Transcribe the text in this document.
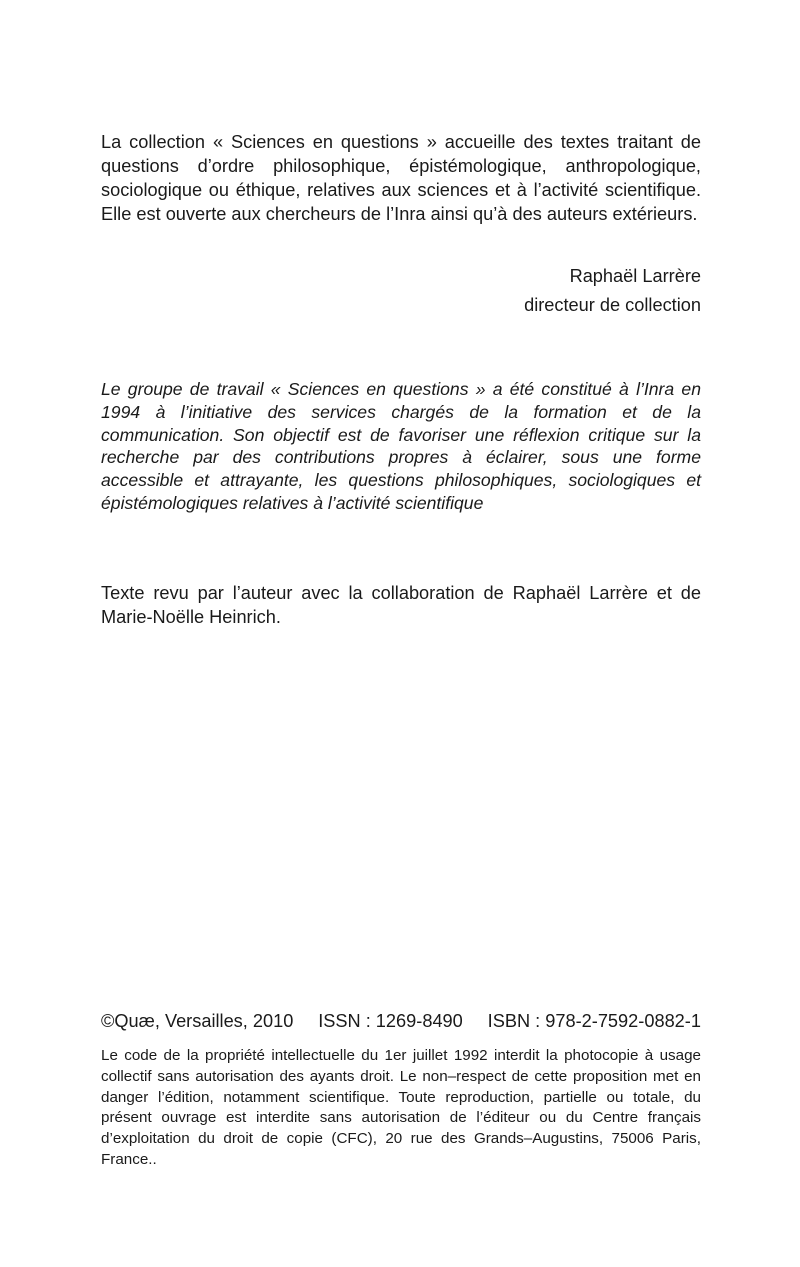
La collection « Sciences en questions » accueille des textes traitant de questions d’ordre philosophique, épistémologique, anthropologique, sociologique ou éthique, relatives aux sciences et à l’activité scientifique. Elle est ouverte aux chercheurs de l’Inra ainsi qu’à des auteurs extérieurs.

Raphaël Larrère
directeur de collection

Le groupe de travail « Sciences en questions » a été constitué à l’Inra en 1994 à l’initiative des services chargés de la formation et de la communication. Son objectif est de favoriser une réflexion critique sur la recherche par des contributions propres à éclairer, sous une forme accessible et attrayante, les questions philosophiques, sociologiques et épistémologiques relatives à l’activité scientifique

Texte revu par l’auteur avec la collaboration de Raphaël Larrère et de Marie-Noëlle Heinrich.

©Quæ, Versailles, 2010 ISSN : 1269-8490 ISBN : 978-2-7592-0882-1

Le code de la propriété intellectuelle du 1er juillet 1992 interdit la photocopie à usage collectif sans autorisation des ayants droit. Le non–respect de cette proposition met en danger l’édition, notamment scientifique. Toute reproduction, partielle ou totale, du présent ouvrage est interdite sans autorisation de l’éditeur ou du Centre français d’exploitation du droit de copie (CFC), 20 rue des Grands–Augustins, 75006 Paris, France..
